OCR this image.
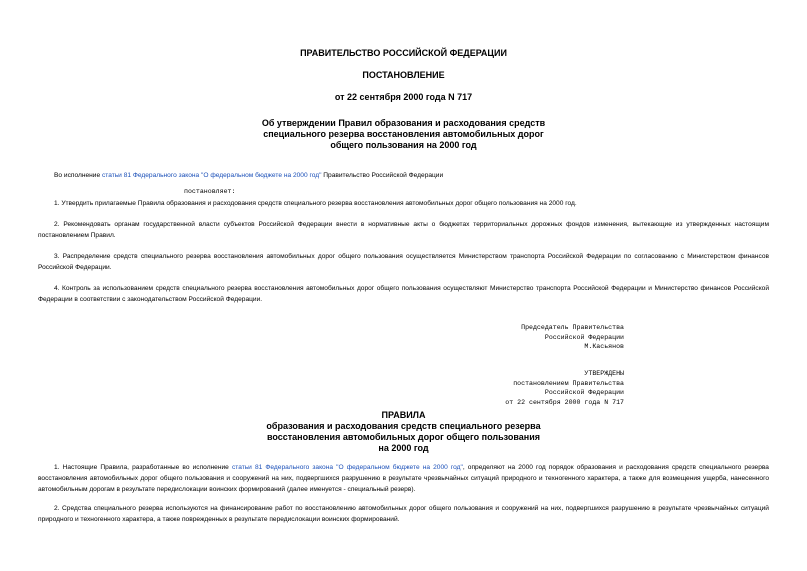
ПРАВИТЕЛЬСТВО РОССИЙСКОЙ ФЕДЕРАЦИИ
ПОСТАНОВЛЕНИЕ
от 22 сентября 2000 года N 717
Об утверждении Правил образования и расходования средств
специального резерва восстановления автомобильных дорог
общего пользования на 2000 год
Во исполнение статьи 81 Федерального закона "О федеральном бюджете на 2000 год" Правительство Российской Федерации
постановляет:
1. Утвердить прилагаемые Правила образования и расходования средств специального резерва восстановления автомобильных дорог общего пользования на 2000 год.
2. Рекомендовать органам государственной власти субъектов Российской Федерации внести в нормативные акты о бюджетах территориальных дорожных фондов изменения, вытекающие из утвержденных настоящим постановлением Правил.
3. Распределение средств специального резерва восстановления автомобильных дорог общего пользования осуществляется Министерством транспорта Российской Федерации по согласованию с Министерством финансов Российской Федерации.
4. Контроль за использованием средств специального резерва восстановления автомобильных дорог общего пользования осуществляют Министерство транспорта Российской Федерации и Министерство финансов Российской Федерации в соответствии с законодательством Российской Федерации.
Председатель Правительства
Российской Федерации
М.Касьянов
УТВЕРЖДЕНЫ
постановлением Правительства
Российской Федерации
от 22 сентября 2000 года N 717
ПРАВИЛА
образования и расходования средств специального резерва
восстановления автомобильных дорог общего пользования
на 2000 год
1. Настоящие Правила, разработанные во исполнение статьи 81 Федерального закона "О федеральном бюджете на 2000 год", определяют на 2000 год порядок образования и расходования средств специального резерва восстановления автомобильных дорог общего пользования и сооружений на них, подвергшихся разрушению в результате чрезвычайных ситуаций природного и техногенного характера, а также для возмещения ущерба, нанесенного автомобильным дорогам в результате передислокации воинских формирований (далее именуется - специальный резерв).
2. Средства специального резерва используются на финансирование работ по восстановлению автомобильных дорог общего пользования и сооружений на них, подвергшихся разрушению в результате чрезвычайных ситуаций природного и техногенного характера, а также поврежденных в результате передислокации воинских формирований.
